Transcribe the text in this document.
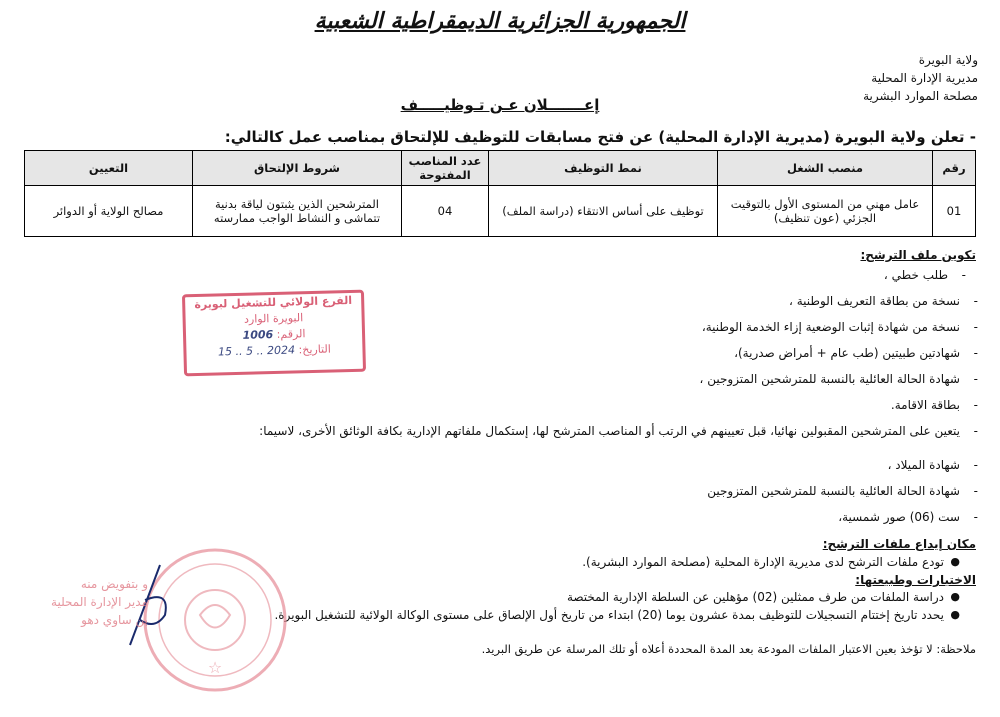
الجمهورية الجزائرية الديمقراطية الشعبية
ولاية البويرة
مديرية الإدارة المحلية
مصلحة الموارد البشرية
إعـــــــلان عـن تـوظيـــــف
- تعلن ولاية البويرة (مديرية الإدارة المحلية) عن فتح مسابقات للتوظيف للإلتحاق بمناصب عمل كالتالي:
رقم	منصب الشغل	نمط التوظيف	عدد المناصب المفتوحة	شروط الإلتحاق	التعيين
01	عامل مهني من المستوى الأول بالتوقيت الجزئي (عون تنظيف)	توظيف على أساس الانتقاء (دراسة الملف)	04	المترشحين الذين يثبتون لياقة بدنية تتماشى و النشاط الواجب ممارسته	مصالح الولاية أو الدوائر
تكوين ملف الترشح:
-
طلب خطي ،
-
نسخة من بطاقة التعريف الوطنية ،
-
نسخة من شهادة إثبات الوضعية إزاء الخدمة الوطنية،
-
شهادتين طبيتين (طب عام + أمراض صدرية)،
-
شهادة الحالة العائلية بالنسبة للمترشحين المتزوجين ،
-
بطاقة الاقامة.
-
يتعين على المترشحين المقبولين نهائيا، قبل تعيينهم في الرتب أو المناصب المترشح لها، إستكمال ملفاتهم الإدارية بكافة الوثائق الأخرى، لاسيما:
-
شهادة الميلاد ،
-
شهادة الحالة العائلية بالنسبة للمترشحين المتزوجين
-
ست (06) صور شمسية،
مكان إيداع ملفات الترشح:
●
تودع ملفات الترشح لدى مديرية الإدارة المحلية (مصلحة الموارد البشرية).
الاختبارات وطبيعتها:
●
دراسة الملفات من طرف ممثلين (02) مؤهلين عن السلطة الإدارية المختصة
●
يحدد تاريخ إختتام التسجيلات للتوظيف بمدة عشرون يوما (20) ابتداء من تاريخ أول الإلصاق على مستوى الوكالة الولائية للتشغيل البويرة.
ملاحظة: لا تؤخذ بعين الاعتبار الملفات المودعة بعد المدة المحددة أعلاه أو تلك المرسلة عن طريق البريد.
الفرع الولائي للتشغيل لبويرة
البويرة الوارد
الرقم: 1006
التاريخ: 2024 .. 5 .. 15
☆
و بتفويض منه
مدير الإدارة المحلية
بن ساوي دهو
